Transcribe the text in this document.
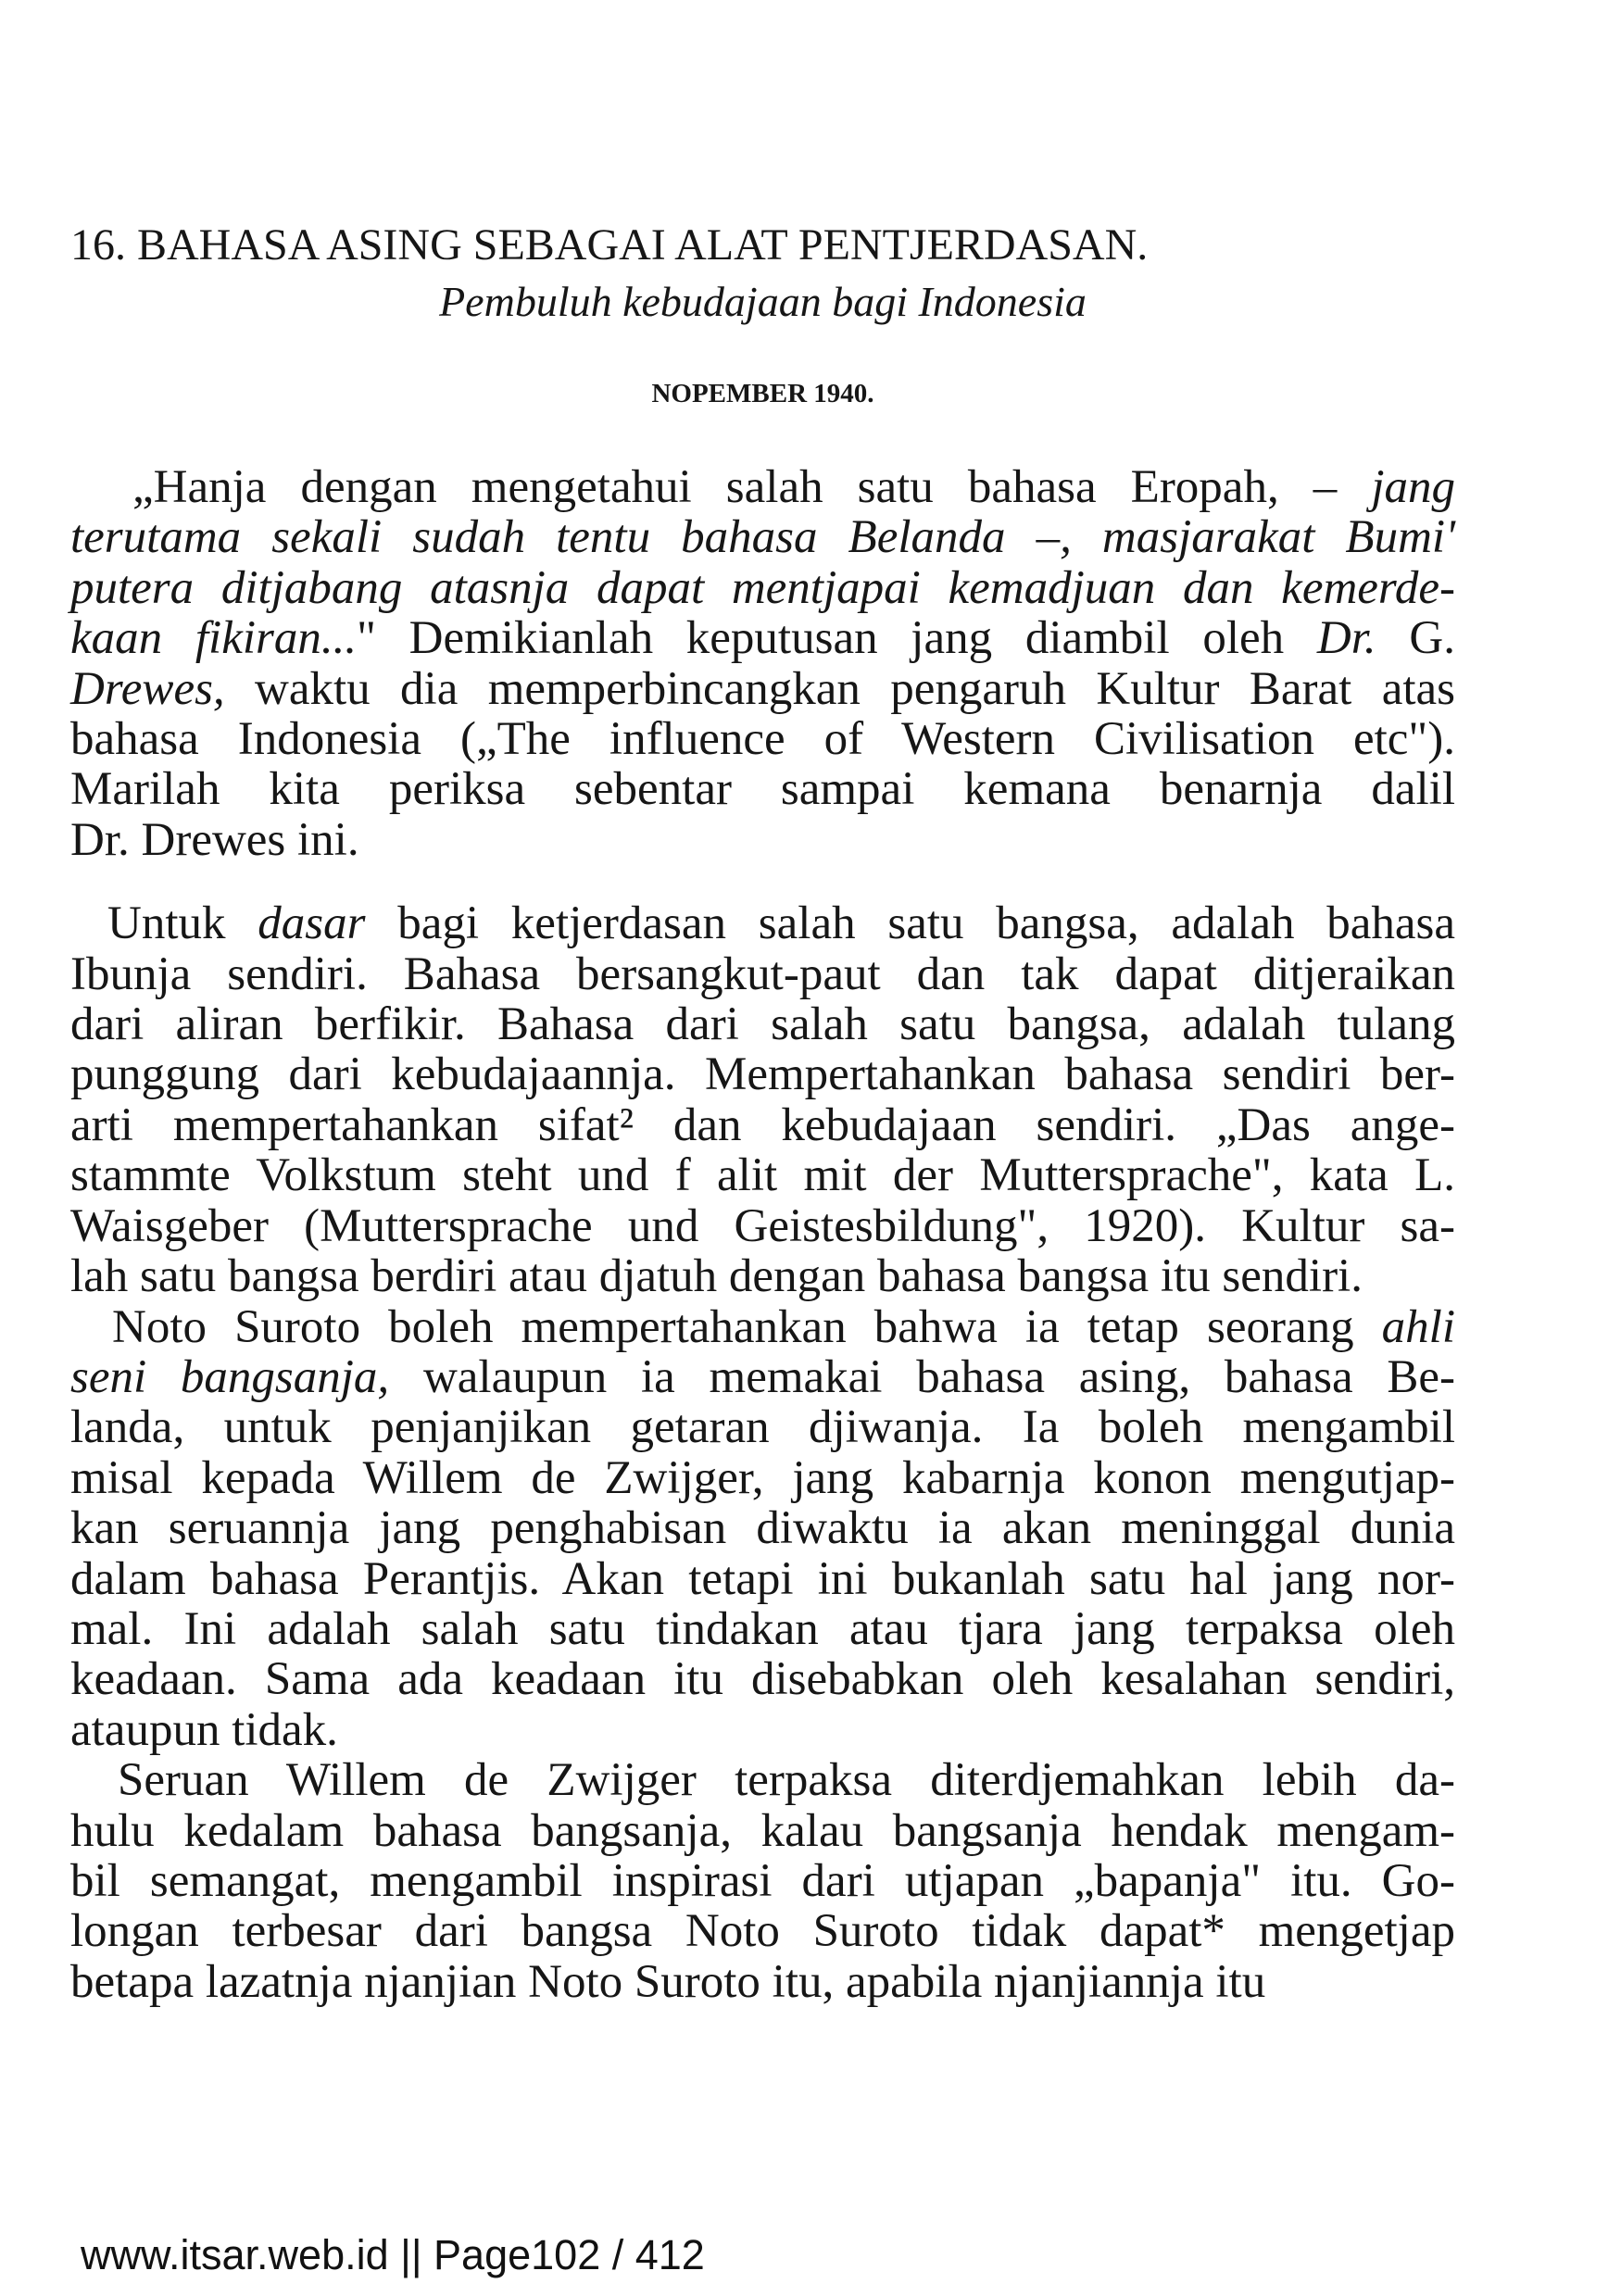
16. BAHASA ASING SEBAGAI ALAT PENTJERDASAN.
Pembuluh kebudajaan bagi Indonesia
NOPEMBER 1940.
„Hanja dengan mengetahui salah satu bahasa Eropah, – jang
terutama sekali sudah tentu bahasa Belanda –, masjarakat Bumi'
putera ditjabang atasnja dapat mentjapai kemadjuan dan kemerde-
kaan fikiran..." Demikianlah keputusan jang diambil oleh Dr. G.
Drewes, waktu dia memperbincangkan pengaruh Kultur Barat atas
bahasa Indonesia („The influence of Western Civilisation etc").
Marilah kita periksa sebentar sampai kemana benarnja dalil
Dr. Drewes ini.
Untuk dasar bagi ketjerdasan salah satu bangsa, adalah bahasa
Ibunja sendiri. Bahasa bersangkut-paut dan tak dapat ditjeraikan
dari aliran berfikir. Bahasa dari salah satu bangsa, adalah tulang
punggung dari kebudajaannja. Mempertahankan bahasa sendiri ber-
arti mempertahankan sifat² dan kebudajaan sendiri. „Das ange-
stammte Volkstum steht und f alit mit der Muttersprache", kata L.
Waisgeber (Muttersprache und Geistesbildung", 1920). Kultur sa-
lah satu bangsa berdiri atau djatuh dengan bahasa bangsa itu sendiri.
Noto Suroto boleh mempertahankan bahwa ia tetap seorang ahli
seni bangsanja, walaupun ia memakai bahasa asing, bahasa Be-
landa, untuk penjanjikan getaran djiwanja. Ia boleh mengambil
misal kepada Willem de Zwijger, jang kabarnja konon mengutjap-
kan seruannja jang penghabisan diwaktu ia akan meninggal dunia
dalam bahasa Perantjis. Akan tetapi ini bukanlah satu hal jang nor-
mal. Ini adalah salah satu tindakan atau tjara jang terpaksa oleh
keadaan. Sama ada keadaan itu disebabkan oleh kesalahan sendiri,
ataupun tidak.
Seruan Willem de Zwijger terpaksa diterdjemahkan lebih da-
hulu kedalam bahasa bangsanja, kalau bangsanja hendak mengam-
bil semangat, mengambil inspirasi dari utjapan „bapanja" itu. Go-
longan terbesar dari bangsa Noto Suroto tidak dapat* mengetjap
betapa lazatnja njanjian Noto Suroto itu, apabila njanjiannja itu
www.itsar.web.id || Page102 / 412
